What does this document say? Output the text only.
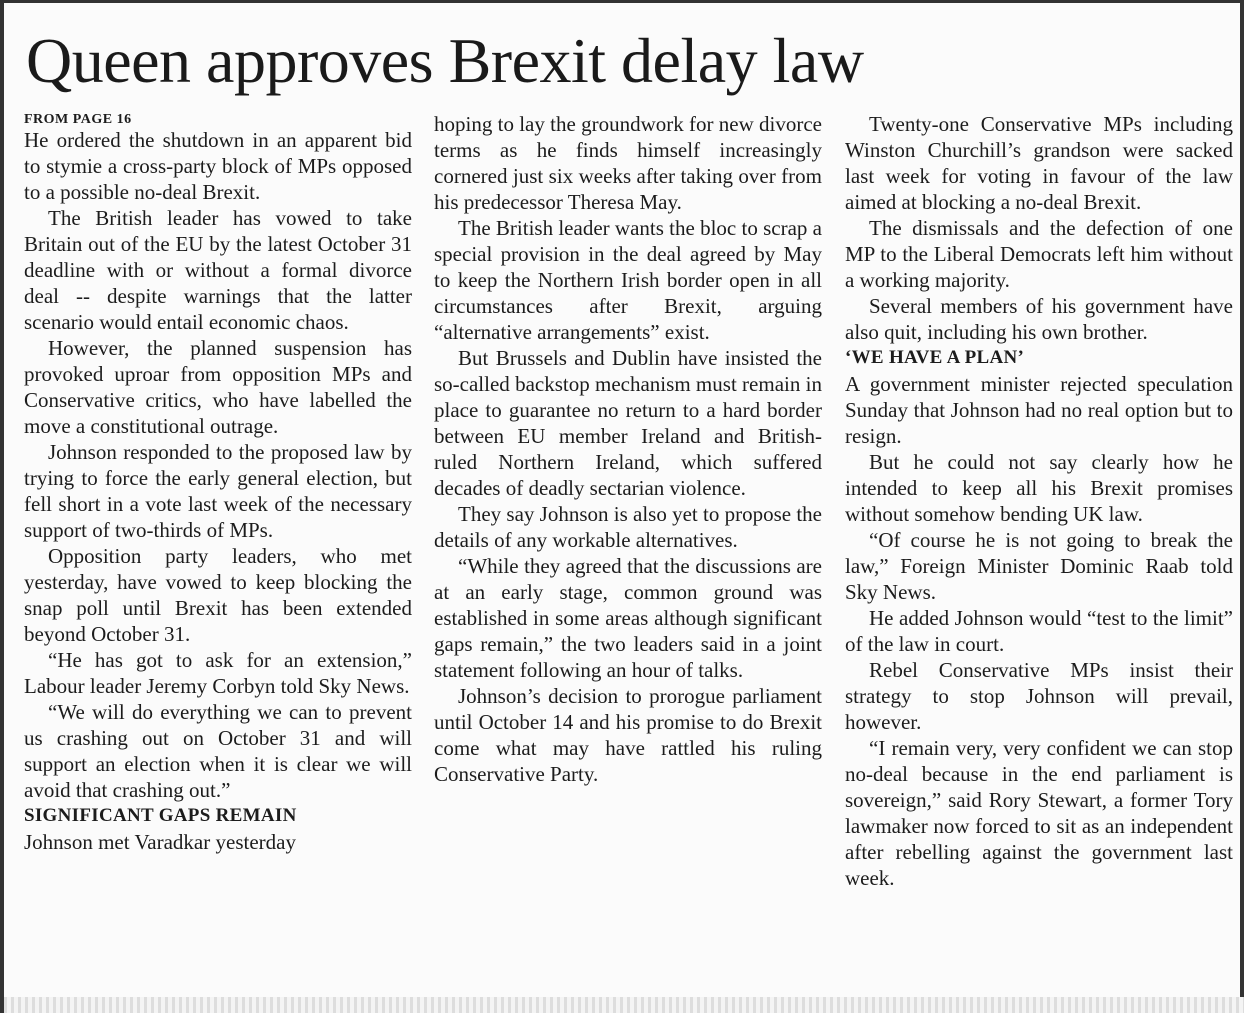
Queen approves Brexit delay law
FROM PAGE 16

He ordered the shutdown in an apparent bid to stymie a cross-party block of MPs opposed to a possible no-deal Brexit.

The British leader has vowed to take Britain out of the EU by the latest October 31 deadline with or without a formal divorce deal -- despite warnings that the latter scenario would entail economic chaos.

However, the planned suspension has provoked uproar from opposition MPs and Conservative critics, who have labelled the move a constitutional outrage.

Johnson responded to the proposed law by trying to force the early general election, but fell short in a vote last week of the necessary support of two-thirds of MPs.

Opposition party leaders, who met yesterday, have vowed to keep blocking the snap poll until Brexit has been extended beyond October 31.

“He has got to ask for an extension,” Labour leader Jeremy Corbyn told Sky News.

“We will do everything we can to prevent us crashing out on October 31 and will support an election when it is clear we will avoid that crashing out.”

SIGNIFICANT GAPS REMAIN

Johnson met Varadkar yesterday

hoping to lay the groundwork for new divorce terms as he finds himself increasingly cornered just six weeks after taking over from his predecessor Theresa May.

The British leader wants the bloc to scrap a special provision in the deal agreed by May to keep the Northern Irish border open in all circumstances after Brexit, arguing “alternative arrangements” exist.

But Brussels and Dublin have insisted the so-called backstop mechanism must remain in place to guarantee no return to a hard border between EU member Ireland and British-ruled Northern Ireland, which suffered decades of deadly sectarian violence.

They say Johnson is also yet to propose the details of any workable alternatives.

“While they agreed that the discussions are at an early stage, common ground was established in some areas although significant gaps remain,” the two leaders said in a joint statement following an hour of talks.

Johnson’s decision to prorogue parliament until October 14 and his promise to do Brexit come what may have rattled his ruling Conservative Party.

Twenty-one Conservative MPs including Winston Churchill’s grandson were sacked last week for voting in favour of the law aimed at blocking a no-deal Brexit.

The dismissals and the defection of one MP to the Liberal Democrats left him without a working majority.

Several members of his government have also quit, including his own brother.

‘WE HAVE A PLAN’

A government minister rejected speculation Sunday that Johnson had no real option but to resign.

But he could not say clearly how he intended to keep all his Brexit promises without somehow bending UK law.

“Of course he is not going to break the law,” Foreign Minister Dominic Raab told Sky News.

He added Johnson would “test to the limit” of the law in court.

Rebel Conservative MPs insist their strategy to stop Johnson will prevail, however.

“I remain very, very confident we can stop no-deal because in the end parliament is sovereign,” said Rory Stewart, a former Tory lawmaker now forced to sit as an independent after rebelling against the government last week.
